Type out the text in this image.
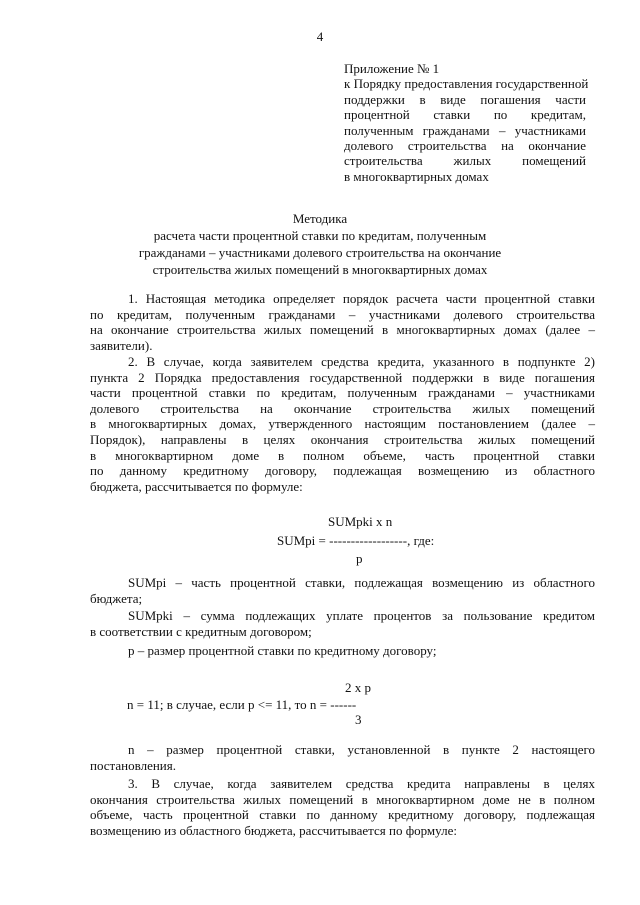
4
Приложение № 1
к Порядку предоставления государственной
поддержки в виде погашения части
процентной ставки по кредитам,
полученным гражданами – участниками
долевого строительства на окончание
строительства жилых помещений
в многоквартирных домах
Методика
расчета части процентной ставки по кредитам, полученным
гражданами – участниками долевого строительства на окончание
строительства жилых помещений в многоквартирных домах
1. Настоящая методика определяет порядок расчета части процентной ставки
по кредитам, полученным гражданами – участниками долевого строительства
на окончание строительства жилых помещений в многоквартирных домах (далее –
заявители).
2. В случае, когда заявителем средства кредита, указанного в подпункте 2)
пункта 2 Порядка предоставления государственной поддержки в виде погашения
части процентной ставки по кредитам, полученным гражданами – участниками
долевого строительства на окончание строительства жилых помещений
в многоквартирных домах, утвержденного настоящим постановлением (далее –
Порядок), направлены в целях окончания строительства жилых помещений
в многоквартирном доме в полном объеме, часть процентной ставки
по данному кредитному договору, подлежащая возмещению из областного
бюджета, рассчитывается по формуле:
SUMpki x n
SUMpi = ------------------, где:
p
SUMpi – часть процентной ставки, подлежащая возмещению из областного
бюджета;
SUMpki – сумма подлежащих уплате процентов за пользование кредитом
в соответствии с кредитным договором;
p – размер процентной ставки по кредитному договору;
2 x p
n = 11; в случае, если p <= 11, то n = ------
3
n – размер процентной ставки, установленной в пункте 2 настоящего
постановления.
3. В случае, когда заявителем средства кредита направлены в целях
окончания строительства жилых помещений в многоквартирном доме не в полном
объеме, часть процентной ставки по данному кредитному договору, подлежащая
возмещению из областного бюджета, рассчитывается по формуле:
